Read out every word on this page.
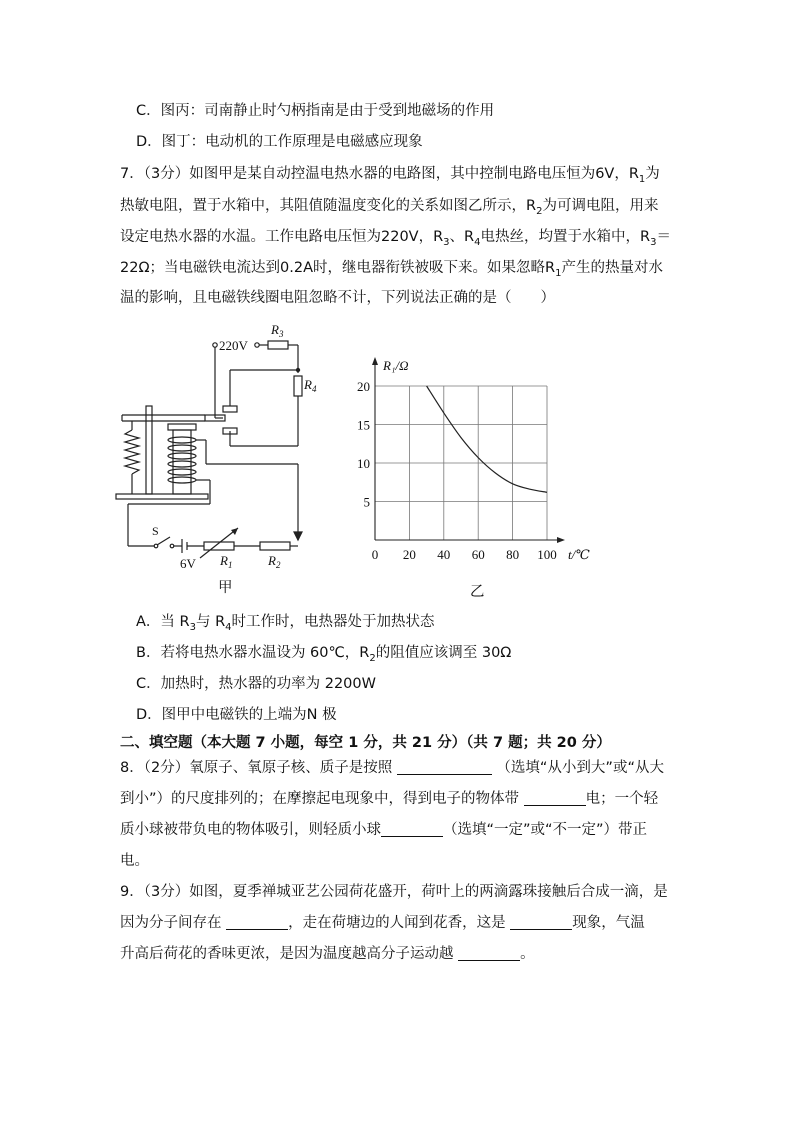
C．图丙：司南静止时勺柄指南是由于受到地磁场的作用
D．图丁：电动机的工作原理是电磁感应现象
7．（3分）如图甲是某自动控温电热水器的电路图，其中控制电路电压恒为6V，$R_1$为
热敏电阻，置于水箱中，其阻值随温度变化的关系如图乙所示，$R_2$为可调电阻，用来
设定电热水器的水温。工作电路电压恒为220V，$R_3$、$R_4$电热丝，均置于水箱中，$R_3=$
22Ω；当电磁铁电流达到0.2A时，继电器衔铁被吸下来。如果忽略$R_1$产生的热量对水
温的影响，且电磁铁线圈电阻忽略不计，下列说法正确的是（　　）
220V
$R_3$
$R_4$
S
6V $R_1$	$R_2$
甲
0 20 40 60 80 100
5
10
15
20
R₁/Ω
t/℃
乙
A．当 $R_3$与 $R_4$时工作时，电热器处于加热状态
B．若将电热水器水温设为 60℃，$R_2$的阻值应该调至 30Ω
C．加热时，热水器的功率为 2200W
D．图甲中电磁铁的上端为N 极
二、填空题（本大题 7 小题，每空 1 分，共 21 分）（共 7 题；共 20 分）
8．（2分）氧原子、氧原子核、质子是按照	（选填“从小到大”或“从大
到小”）的尺度排列的；在摩擦起电现象中，得到电子的物体带	电；一个轻
质小球被带负电的物体吸引，则轻质小球	（选填“一定”或“不一定”）带正
电。
9．（3分）如图，夏季禅城亚艺公园荷花盛开，荷叶上的两滴露珠接触后合成一滴，是
因为分子间存在	，走在荷塘边的人闻到花香，这是	现象，气温
升高后荷花的香味更浓，是因为温度越高分子运动越	。
